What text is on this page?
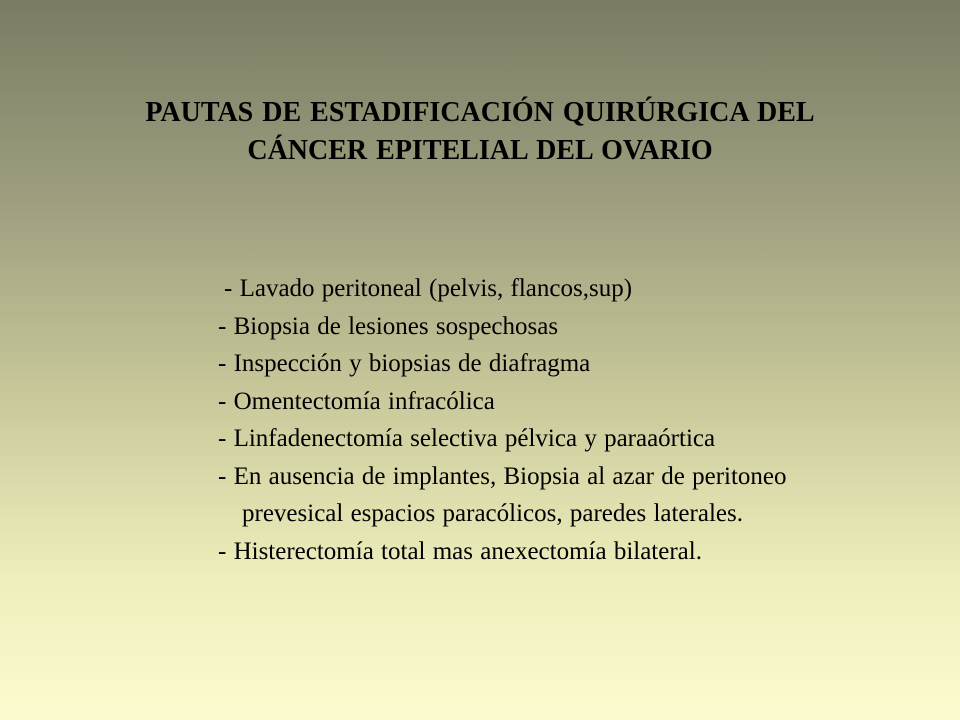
PAUTAS DE ESTADIFICACIÓN QUIRÚRGICA DEL
CÁNCER EPITELIAL DEL OVARIO
- Lavado peritoneal (pelvis, flancos,sup)
- Biopsia de lesiones sospechosas
- Inspección y biopsias de diafragma
- Omentectomía infracólica
- Linfadenectomía selectiva pélvica y paraaórtica
- En ausencia de implantes, Biopsia al azar de peritoneo
prevesical espacios paracólicos, paredes laterales.
- Histerectomía total mas anexectomía bilateral.
